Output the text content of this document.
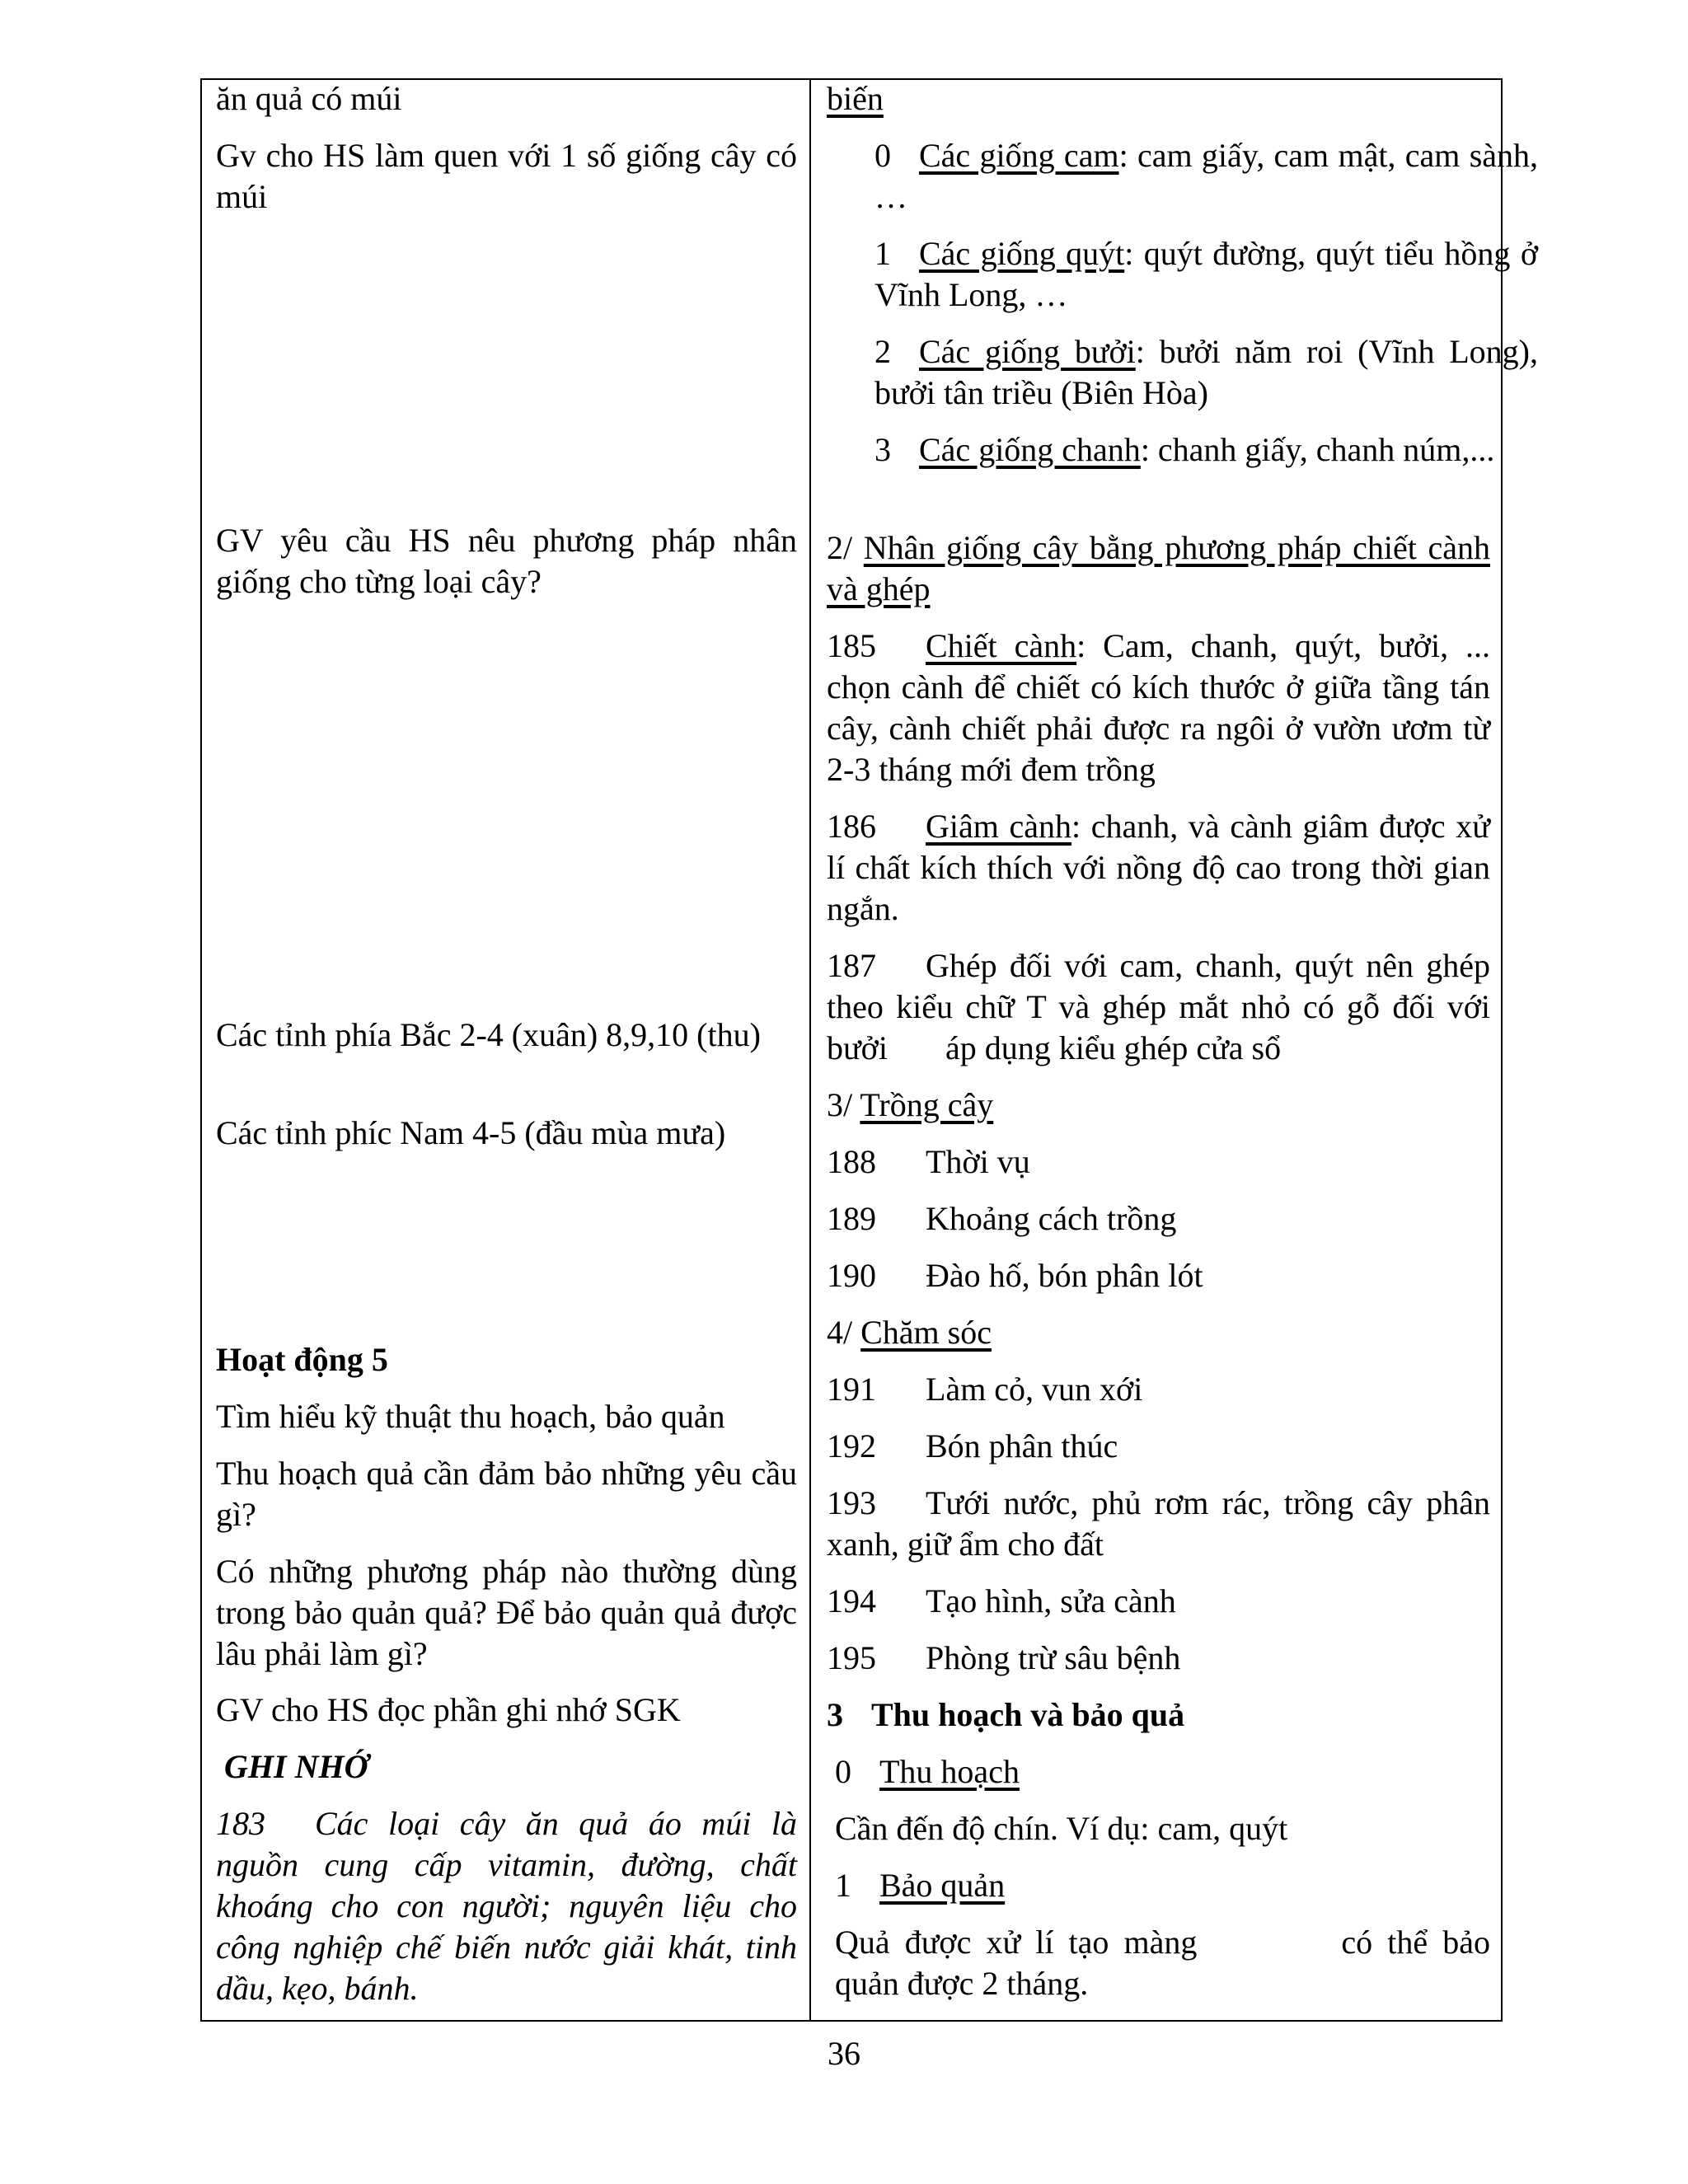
ăn quả có múi
Gv cho HS làm quen với 1 số giống cây có múi
GV yêu cầu HS nêu phương pháp nhân giống cho từng loại cây?
Các tỉnh phía Bắc 2-4 (xuân) 8,9,10 (thu)
Các tỉnh phíc Nam 4-5 (đầu mùa mưa)
Hoạt động 5
Tìm hiểu kỹ thuật thu hoạch, bảo quản
Thu hoạch quả cần đảm bảo những yêu cầu gì?
Có những phương pháp nào thường dùng trong bảo quản quả? Để bảo quản quả được lâu phải làm gì?
GV cho HS đọc phần ghi nhớ SGK
GHI NHỚ
183 Các loại cây ăn quả áo múi là nguồn cung cấp vitamin, đường, chất khoáng cho con người; nguyên liệu cho công nghiệp chế biến nước giải khát, tinh dầu, kẹo, bánh.
biến
0 Các giống cam: cam giấy, cam mật, cam sành, …
1 Các giống quýt: quýt đường, quýt tiểu hồng ở Vĩnh Long, …
2 Các giống bưởi: bưởi năm roi (Vĩnh Long), bưởi tân triều (Biên Hòa)
3 Các giống chanh: chanh giấy, chanh núm,...
2/ Nhân giống cây bằng phương pháp chiết cành và ghép
185 Chiết cành: Cam, chanh, quýt, bưởi, ... chọn cành để chiết có kích thước ở giữa tầng tán cây, cành chiết phải được ra ngôi ở vườn ươm từ 2-3 tháng mới đem trồng
186 Giâm cành: chanh, và cành giâm được xử lí chất kích thích với nồng độ cao trong thời gian ngắn.
187 Ghép đối với cam, chanh, quýt nên ghép theo kiểu chữ T và ghép mắt nhỏ có gỗ đối với bưởi áp dụng kiểu ghép cửa sổ
3/ Trồng cây
188 Thời vụ
189 Khoảng cách trồng
190 Đào hố, bón phân lót
4/ Chăm sóc
191 Làm cỏ, vun xới
192 Bón phân thúc
193 Tưới nước, phủ rơm rác, trồng cây phân xanh, giữ ẩm cho đất
194 Tạo hình, sửa cành
195 Phòng trừ sâu bệnh
3 Thu hoạch và bảo quả
0 Thu hoạch
Cần đến độ chín. Ví dụ: cam, quýt
1 Bảo quản
Quả được xử lí tạo màng	có thể bảo quản được 2 tháng.
36
